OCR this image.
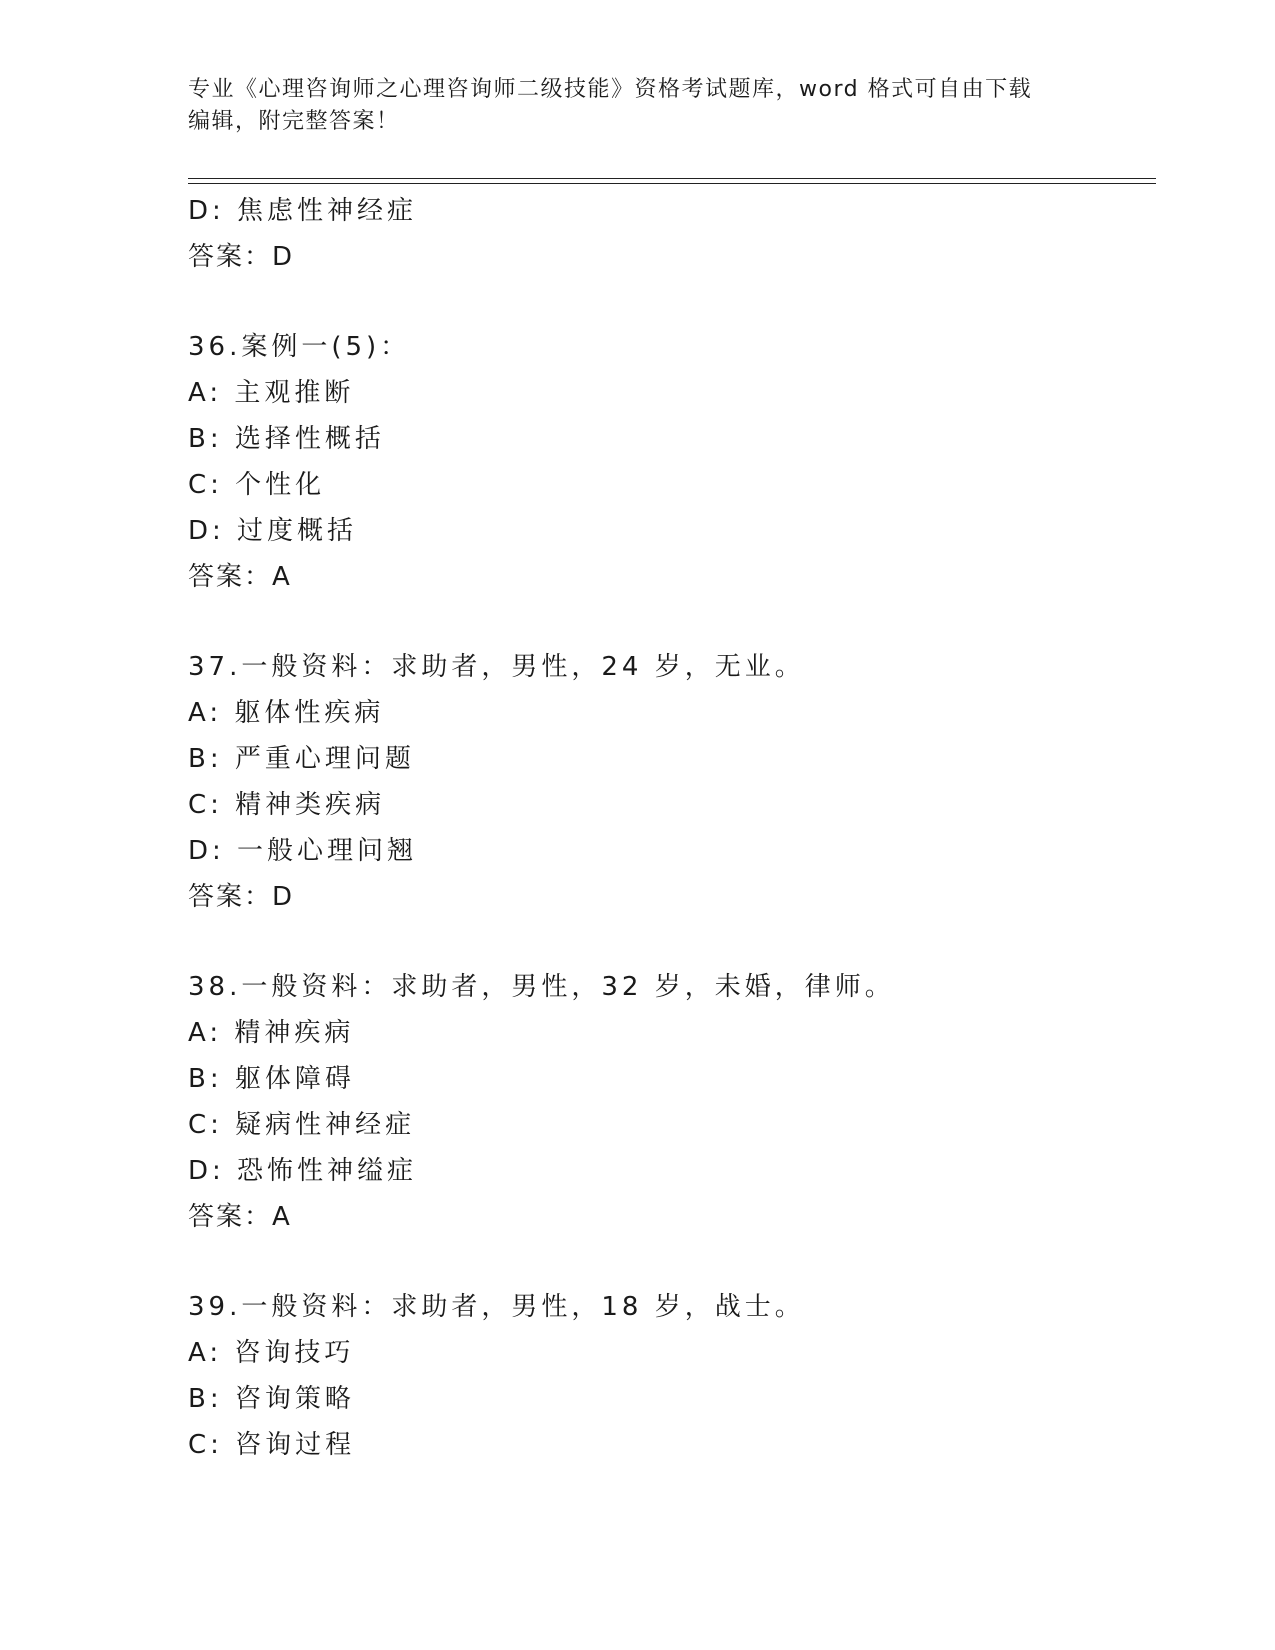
专业《心理咨询师之心理咨询师二级技能》资格考试题库，word 格式可自由下载
编辑，附完整答案！
D: 焦虑性神经症
答案：D
36.案例一(5)：
A: 主观推断
B: 选择性概括
C: 个性化
D: 过度概括
答案：A
37.一般资料：求助者，男性，24 岁，无业。
A: 躯体性疾病
B: 严重心理问题
C: 精神类疾病
D: 一般心理问翘
答案：D
38.一般资料：求助者，男性，32 岁，未婚，律师。
A: 精神疾病
B: 躯体障碍
C: 疑病性神经症
D: 恐怖性神缢症
答案：A
39.一般资料：求助者，男性，18 岁，战士。
A: 咨询技巧
B: 咨询策略
C: 咨询过程
